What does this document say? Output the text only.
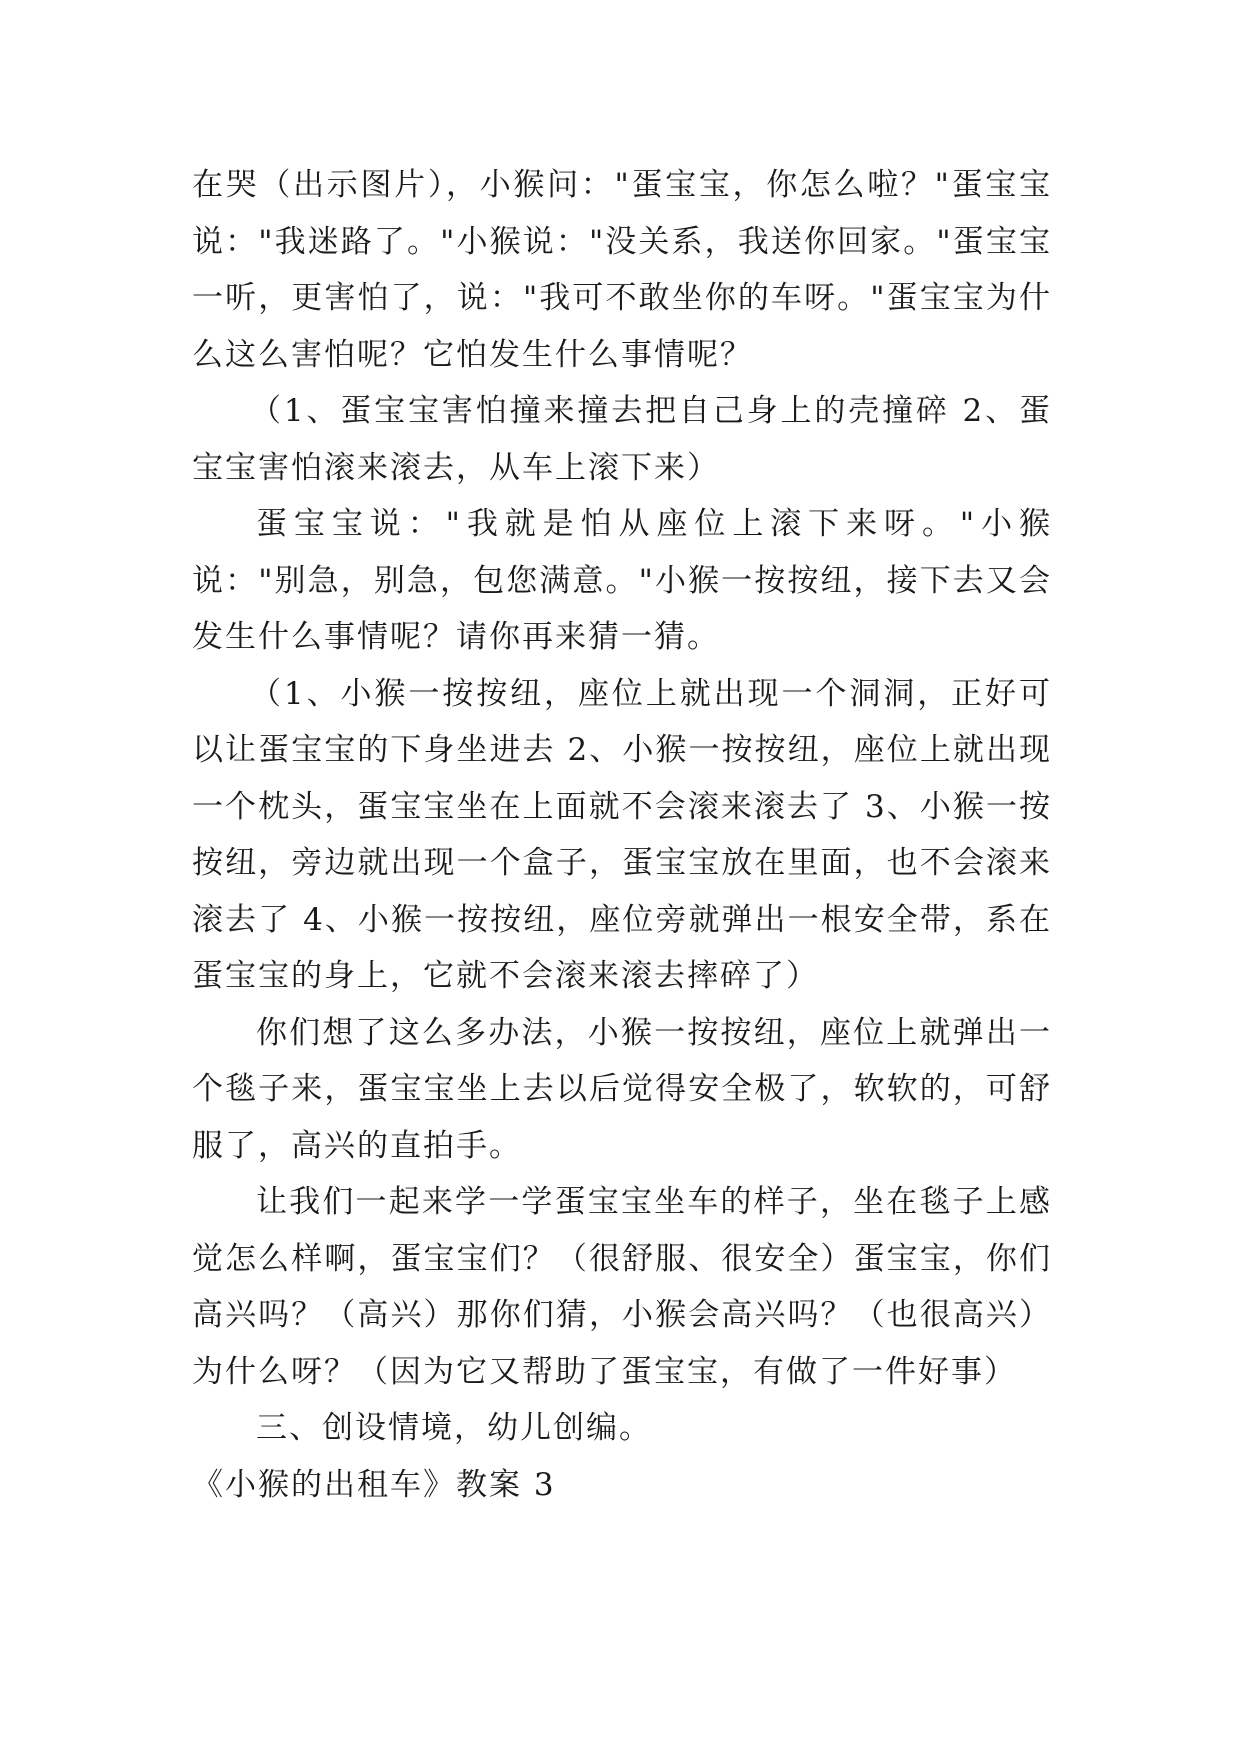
在哭（出示图片），小猴问："蛋宝宝，你怎么啦？"蛋宝宝说："我迷路了。"小猴说："没关系，我送你回家。"蛋宝宝一听，更害怕了，说："我可不敢坐你的车呀。"蛋宝宝为什么这么害怕呢？它怕发生什么事情呢？

（1、蛋宝宝害怕撞来撞去把自己身上的壳撞碎 2、蛋宝宝害怕滚来滚去，从车上滚下来）

蛋宝宝说："我就是怕从座位上滚下来呀。"小猴说："别急，别急，包您满意。"小猴一按按纽，接下去又会发生什么事情呢？请你再来猜一猜。

（1、小猴一按按纽，座位上就出现一个洞洞，正好可以让蛋宝宝的下身坐进去 2、小猴一按按纽，座位上就出现一个枕头，蛋宝宝坐在上面就不会滚来滚去了 3、小猴一按按纽，旁边就出现一个盒子，蛋宝宝放在里面，也不会滚来滚去了 4、小猴一按按纽，座位旁就弹出一根安全带，系在蛋宝宝的身上，它就不会滚来滚去摔碎了）

你们想了这么多办法，小猴一按按纽，座位上就弹出一个毯子来，蛋宝宝坐上去以后觉得安全极了，软软的，可舒服了，高兴的直拍手。

让我们一起来学一学蛋宝宝坐车的样子，坐在毯子上感觉怎么样啊，蛋宝宝们？（很舒服、很安全）蛋宝宝，你们高兴吗？（高兴）那你们猜，小猴会高兴吗？（也很高兴）为什么呀？（因为它又帮助了蛋宝宝，有做了一件好事）

三、创设情境，幼儿创编。

《小猴的出租车》教案 3
